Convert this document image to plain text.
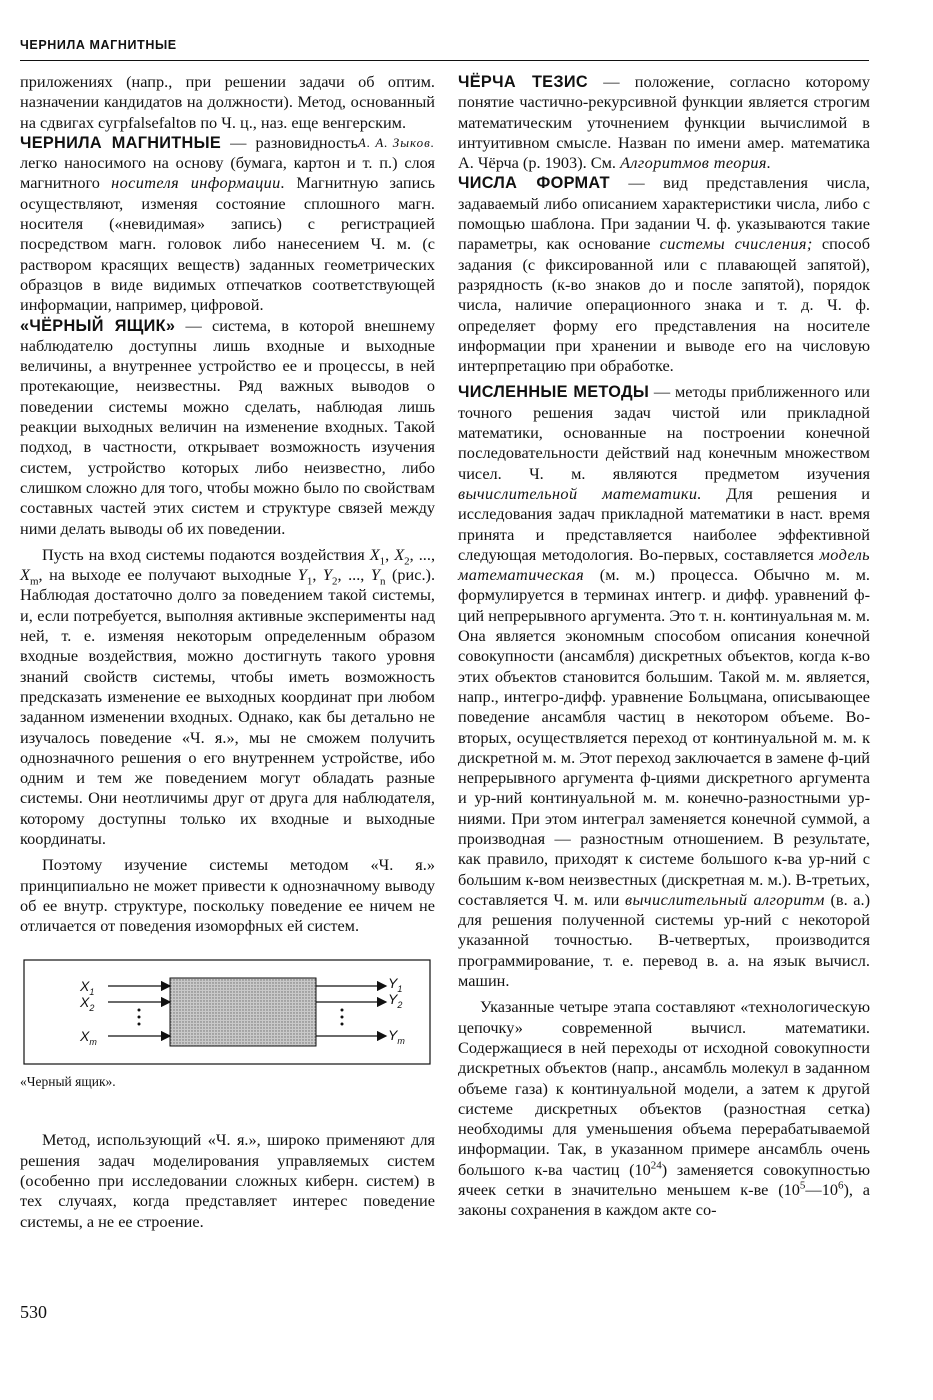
ЧЕРНИЛА МАГНИТНЫЕ

приложениях (напр., при решении задачи об оптим. назначении кандидатов на должности). Метод, основанный на сдвигах сугрfalsefaltoв по Ч. ц., наз. еще венгерским.
А. А. Зыков.

ЧЕРНИЛА МАГНИТНЫЕ — разновидность легко наносимого на основу (бумага, картон и т. п.) слоя магнитного носителя информации. Магнитную запись осуществляют, изменяя состояние сплошного магн. носителя («невидимая» запись) с регистрацией посредством магн. головок либо нанесением Ч. м. (с раствором красящих веществ) заданных геометрических образцов в виде видимых отпечатков соответствующей информации, например, цифровой.

«ЧЁРНЫЙ ЯЩИК» — система, в которой внешнему наблюдателю доступны лишь входные и выходные величины, а внутреннее устройство ее и процессы, в ней протекающие, неизвестны. Ряд важных выводов о поведении системы можно сделать, наблюдая лишь реакции выходных величин на изменение входных. Такой подход, в частности, открывает возможность изучения систем, устройство которых либо неизвестно, либо слишком сложно для того, чтобы можно было по свойствам составных частей этих систем и структуре связей между ними делать выводы об их поведении.

Пусть на вход системы подаются воздействия $X_1$, $X_2$, ..., $X_m$, на выходе ее получают выходные $Y_1$, $Y_2$, ..., $Y_n$ (рис.). Наблюдая достаточно долго за поведением такой системы, и, если потребуется, выполняя активные эксперименты над ней, т. е. изменяя некоторым определенным образом входные воздействия, можно достигнуть такого уровня знаний свойств системы, чтобы иметь возможность предсказать изменение ее выходных координат при любом заданном изменении входных. Однако, как бы детально не изучалось поведение «Ч. я.», мы не сможем получить однозначного решения о его внутреннем устройстве, ибо одним и тем же поведением могут обладать разные системы. Они неотличимы друг от друга для наблюдателя, которому доступны только их входные и выходные координаты.

Поэтому изучение системы методом «Ч. я.» принципиально не может привести к однозначному выводу об ее внутр. структуре, поскольку поведение ее ничем не отличается от поведения изоморфных ей систем.

$X_1$
$X_2$
$X_m$
$Y_1$
$Y_2$
$Y_m$

«Черный ящик».

Метод, использующий «Ч. я.», широко применяют для решения задач моделирования управляемых систем (особенно при исследовании сложных киберн. систем) в тех случаях, когда представляет интерес поведение системы, а не ее строение.

ЧЁРЧА ТЕЗИС — положение, согласно которому понятие частично-рекурсивной функции является строгим математическим уточнением функции вычислимой в интуитивном смысле. Назван по имени амер. математика А. Чёрча (р. 1903). См. Алгоритмов теория.

ЧИСЛА ФОРМАТ — вид представления числа, задаваемый либо описанием характеристики числа, либо с помощью шаблона. При задании Ч. ф. указываются такие параметры, как основание системы счисления; способ задания (с фиксированной или с плавающей запятой), разрядность (к-во знаков до и после запятой), порядок числа, наличие операционного знака и т. д. Ч. ф. определяет форму его представления на носителе информации при хранении и выводе его на числовую интерпретацию при обработке.

ЧИСЛЕННЫЕ МЕТОДЫ — методы приближенного или точного решения задач чистой или прикладной математики, основанные на построении конечной последовательности действий над конечным множеством чисел. Ч. м. являются предметом изучения вычислительной математики. Для решения и исследования задач прикладной математики в наст. время принята и представляется наиболее эффективной следующая методология. Во-первых, составляется модель математическая (м. м.) процесса. Обычно м. м. формулируется в терминах интегр. и дифф. уравнений ф-ций непрерывного аргумента. Это т. н. континуальная м. м. Она является экономным способом описания конечной совокупности (ансамбля) дискретных объектов, когда к-во этих объектов становится большим. Такой м. м. является, напр., интегро-дифф. уравнение Больцмана, описывающее поведение ансамбля частиц в некотором объеме. Во-вторых, осуществляется переход от континуальной м. м. к дискретной м. м. Этот переход заключается в замене ф-ций непрерывного аргумента ф-циями дискретного аргумента и ур-ний континуальной м. м. конечно-разностными ур-ниями. При этом интеграл заменяется конечной суммой, а производная — разностным отношением. В результате, как правило, приходят к системе большого к-ва ур-ний с большим к-вом неизвестных (дискретная м. м.). В-третьих, составляется Ч. м. или вычислительный алгоритм (в. а.) для решения полученной системы ур-ний с некоторой указанной точностью. В-четвертых, производится программирование, т. е. перевод в. а. на язык вычисл. машин.

Указанные четыре этапа составляют «технологическую цепочку» современной вычисл. математики. Содержащиеся в ней переходы от исходной совокупности дискретных объектов (напр., ансамбль молекул в заданном объеме газа) к континуальной модели, а затем к другой системе дискретных объектов (разностная сетка) необходимы для уменьшения объема перерабатываемой информации. Так, в указанном примере ансамбль очень большого к-ва частиц $(10^{24})$ заменяется совокупностью ячеек сетки в значительно меньшем к-ве $(10^5—10^6)$, а законы сохранения в каждом акте со-

530
